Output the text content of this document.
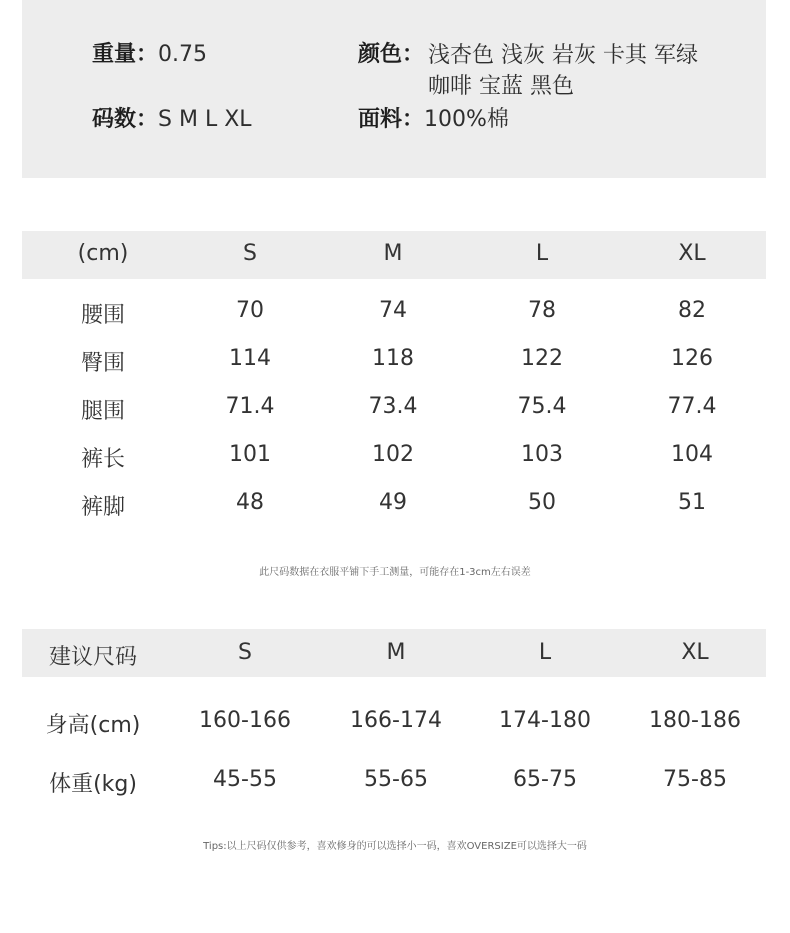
重量：0.75	颜色： 浅杏色 浅灰 岩灰 卡其 军绿 咖啡 宝蓝 黑色
码数：S M L XL	面料：100%棉
(cm)	S	M	L	XL
腰围	70	74	78	82
臀围	114	118	122	126
腿围	71.4	73.4	75.4	77.4
裤长	101	102	103	104
裤脚	48	49	50	51
此尺码数据在衣服平铺下手工测量，可能存在1-3cm左右误差
建议尺码	S	M	L	XL
身高(cm)	160-166	166-174	174-180	180-186
体重(kg)	45-55	55-65	65-75	75-85
Tips:以上尺码仅供参考，喜欢修身的可以选择小一码，喜欢OVERSIZE可以选择大一码
